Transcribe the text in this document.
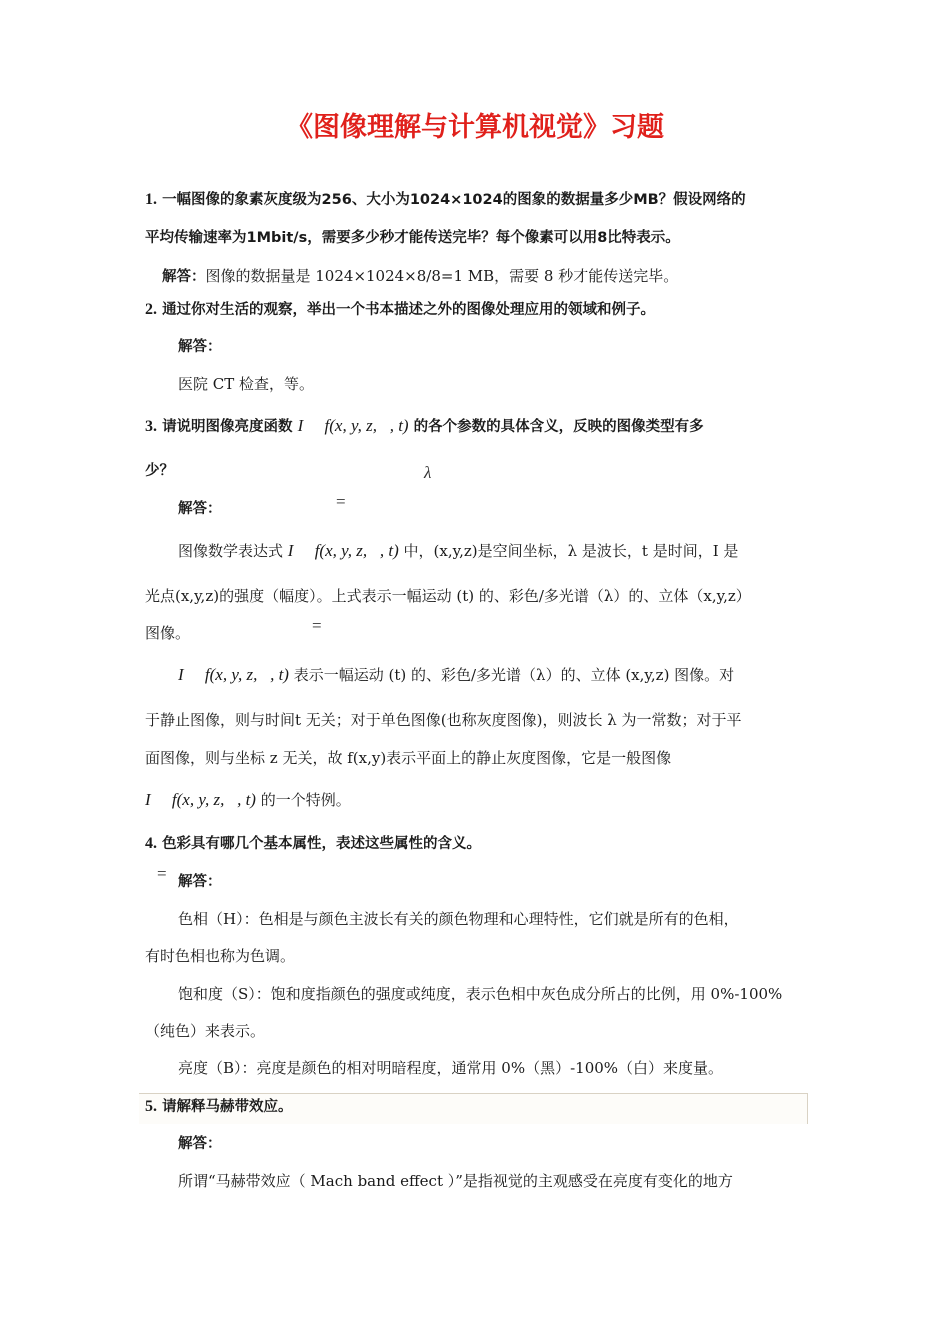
《图像理解与计算机视觉》习题
1. 一幅图像的象素灰度级为256、大小为1024×1024的图象的数据量多少MB？假设网络的
平均传输速率为1Mbit/s，需要多少秒才能传送完毕？每个像素可以用8比特表示。
解答：图像的数据量是 1024×1024×8/8=1 MB，需要 8 秒才能传送完毕。
2. 通过你对生活的观察，举出一个书本描述之外的图像处理应用的领域和例子。
解答：
医院 CT 检查，等。
3. 请说明图像亮度函数 I     f(x, y, z,   , t) 的各个参数的具体含义，反映的图像类型有多
少？	λ
解答：	=
图像数学表达式 I     f(x, y, z,   , t) 中，(x,y,z)是空间坐标，λ 是波长，t 是时间，I 是
光点(x,y,z)的强度（幅度）。上式表示一幅运动 (t) 的、彩色/多光谱（λ）的、立体（x,y,z）
图像。	=
I     f(x, y, z,   , t) 表示一幅运动 (t) 的、彩色/多光谱（λ）的、立体 (x,y,z) 图像。对
于静止图像，则与时间t 无关；对于单色图像(也称灰度图像)，则波长 λ 为一常数；对于平
面图像，则与坐标 z 无关，故 f(x,y)表示平面上的静止灰度图像，它是一般图像
I     f(x, y, z,   , t) 的一个特例。
4. 色彩具有哪几个基本属性，表述这些属性的含义。
= 解答：
色相（H）：色相是与颜色主波长有关的颜色物理和心理特性，它们就是所有的色相，
有时色相也称为色调。
饱和度（S）：饱和度指颜色的强度或纯度，表示色相中灰色成分所占的比例，用 0%-100%
（纯色）来表示。
亮度（B）：亮度是颜色的相对明暗程度，通常用 0%（黑）-100%（白）来度量。
5. 请解释马赫带效应。
解答：
所谓“马赫带效应（ Mach band effect ）”是指视觉的主观感受在亮度有变化的地方
